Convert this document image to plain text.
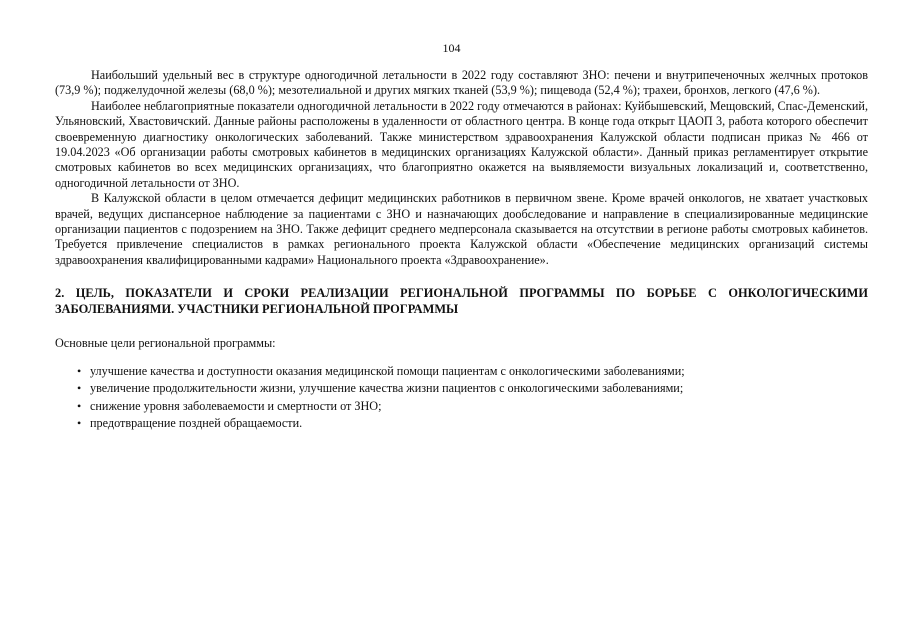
104

Наибольший удельный вес в структуре одногодичной летальности в 2022 году составляют ЗНО: печени и внутрипеченочных желчных протоков (73,9 %); поджелудочной железы (68,0 %); мезотелиальной и других мягких тканей (53,9 %); пищевода (52,4 %); трахеи, бронхов, легкого (47,6 %).

Наиболее неблагоприятные показатели одногодичной летальности в 2022 году отмечаются в районах: Куйбышевский, Мещовский, Спас-Деменский, Ульяновский, Хвастовичский. Данные районы расположены в удаленности от областного центра. В конце года открыт ЦАОП 3, работа которого обеспечит своевременную диагностику онкологических заболеваний. Также министерством здравоохранения Калужской области подписан приказ № 466 от 19.04.2023 «Об организации работы смотровых кабинетов в медицинских организациях Калужской области». Данный приказ регламентирует открытие смотровых кабинетов во всех медицинских организациях, что благоприятно окажется на выявляемости визуальных локализаций и, соответственно, одногодичной летальности от ЗНО.

В Калужской области в целом отмечается дефицит медицинских работников в первичном звене. Кроме врачей онкологов, не хватает участковых врачей, ведущих диспансерное наблюдение за пациентами с ЗНО и назначающих дообследование и направление в специализированные медицинские организации пациентов с подозрением на ЗНО. Также дефицит среднего медперсонала сказывается на отсутствии в регионе работы смотровых кабинетов. Требуется привлечение специалистов в рамках регионального проекта Калужской области «Обеспечение медицинских организаций системы здравоохранения квалифицированными кадрами» Национального проекта «Здравоохранение».

2. ЦЕЛЬ, ПОКАЗАТЕЛИ И СРОКИ РЕАЛИЗАЦИИ РЕГИОНАЛЬНОЙ ПРОГРАММЫ ПО БОРЬБЕ С ОНКОЛОГИЧЕСКИМИ ЗАБОЛЕВАНИЯМИ. УЧАСТНИКИ РЕГИОНАЛЬНОЙ ПРОГРАММЫ

Основные цели региональной программы:

• улучшение качества и доступности оказания медицинской помощи пациентам с онкологическими заболеваниями;
• увеличение продолжительности жизни, улучшение качества жизни пациентов с онкологическими заболеваниями;
• снижение уровня заболеваемости и смертности от ЗНО;
• предотвращение поздней обращаемости.
